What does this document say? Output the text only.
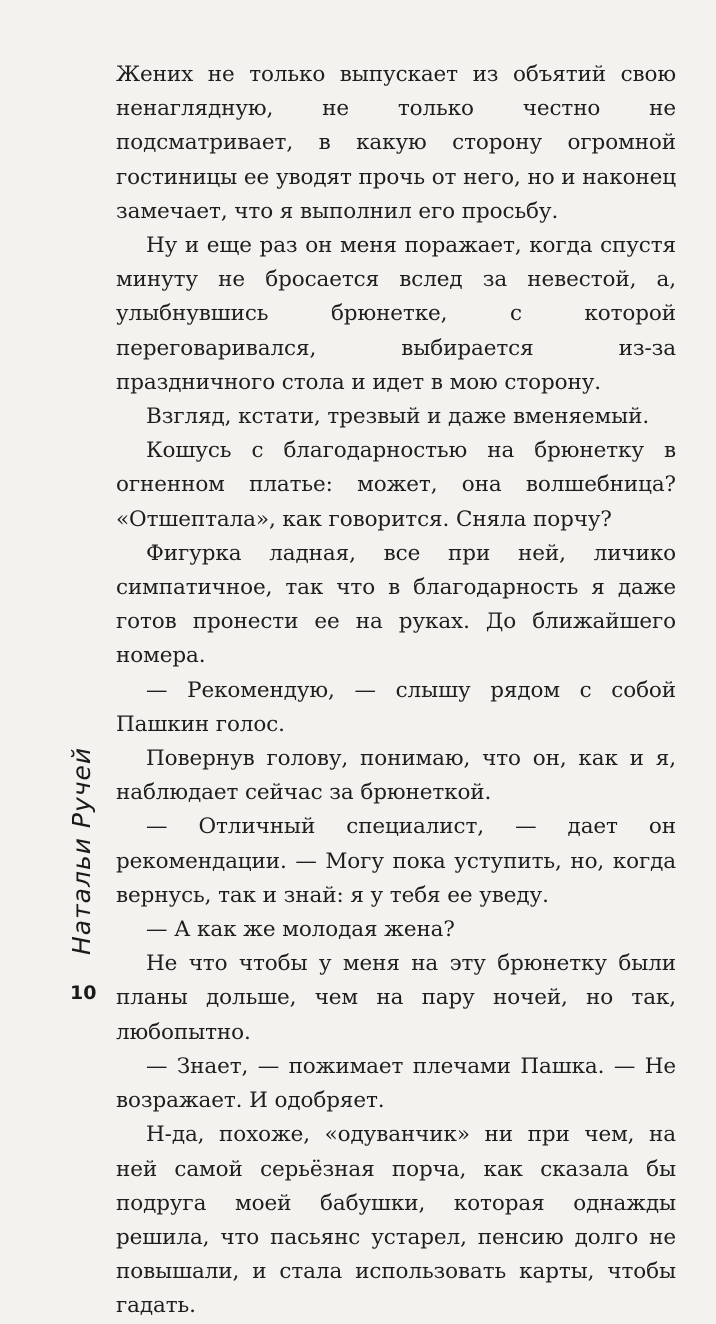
Натальи Ручей
10

Жених не только выпускает из объятий свою ненаглядную, не только честно не подсматривает, в какую сторону огромной гостиницы ее уводят прочь от него, но и наконец замечает, что я выполнил его просьбу.

Ну и еще раз он меня поражает, когда спустя минуту не бросается вслед за невестой, а, улыбнувшись брюнетке, с которой переговаривался, выбирается из-за праздничного стола и идет в мою сторону.

Взгляд, кстати, трезвый и даже вменяемый.

Кошусь с благодарностью на брюнетку в огненном платье: может, она волшебница? «Отшептала», как говорится. Сняла порчу?

Фигурка ладная, все при ней, личико симпатичное, так что в благодарность я даже готов пронести ее на руках. До ближайшего номера.

— Рекомендую, — слышу рядом с собой Пашкин голос.

Повернув голову, понимаю, что он, как и я, наблюдает сейчас за брюнеткой.

— Отличный специалист, — дает он рекомендации. — Могу пока уступить, но, когда вернусь, так и знай: я у тебя ее уведу.

— А как же молодая жена?

Не что чтобы у меня на эту брюнетку были планы дольше, чем на пару ночей, но так, любопытно.

— Знает, — пожимает плечами Пашка. — Не возражает. И одобряет.

Н-да, похоже, «одуванчик» ни при чем, на ней самой серьёзная порча, как сказала бы подруга моей бабушки, которая однажды решила, что пасьянс устарел, пенсию долго не повышали, и стала использовать карты, чтобы гадать.
